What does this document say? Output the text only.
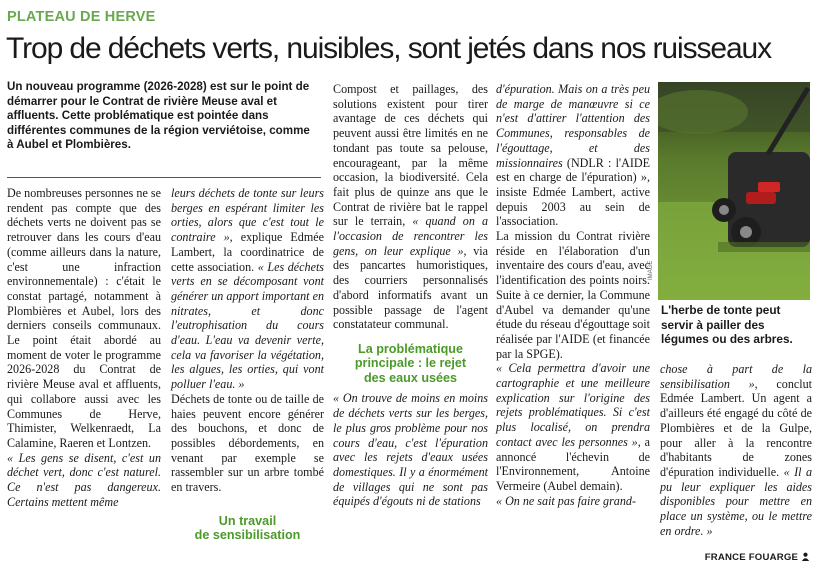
PLATEAU DE HERVE
Trop de déchets verts, nuisibles, sont jetés dans nos ruisseaux
Un nouveau programme (2026-2028) est sur le point de démarrer pour le Contrat de rivière Meuse aval et affluents. Cette problématique est pointée dans différentes communes de la région verviétoise, comme à Aubel et Plombières.

De nombreuses personnes ne se rendent pas compte que des déchets verts ne doivent pas se retrouver dans les cours d'eau (comme ailleurs dans la nature, c'est une infraction environnementale) : c'était le constat partagé, notamment à Plombières et Aubel, lors des derniers conseils communaux. Le point était abordé au moment de voter le programme 2026-2028 du Contrat de rivière Meuse aval et affluents, qui collabore aussi avec les Communes de Herve, Thimister, Welkenraedt, La Calamine, Raeren et Lontzen.

« Les gens se disent, c'est un déchet vert, donc c'est naturel. Ce n'est pas dangereux. Certains mettent même

leurs déchets de tonte sur leurs berges en espérant limiter les orties, alors que c'est tout le contraire », explique Edmée Lambert, la coordinatrice de cette association. « Les déchets verts en se décomposant vont générer un apport important en nitrates, et donc l'eutrophisation du cours d'eau. L'eau va devenir verte, cela va favoriser la végétation, les algues, les orties, qui vont polluer l'eau. »

Déchets de tonte ou de taille de haies peuvent encore générer des bouchons, et donc de possibles débordements, en venant par exemple se rassembler sur un arbre tombé en travers.

Un travail
de sensibilisation

Compost et paillages, des solutions existent pour tirer avantage de ces déchets qui peuvent aussi être limités en ne tondant pas toute sa pelouse, encourageant, par la même occasion, la biodiversité. Cela fait plus de quinze ans que le Contrat de rivière bat le rappel sur le terrain, « quand on a l'occasion de rencontrer les gens, on leur explique », via des pancartes humoristiques, des courriers personnalisés d'abord informatifs avant un possible passage de l'agent constatateur communal.

La problématique
principale : le rejet
des eaux usées

« On trouve de moins en moins de déchets verts sur les berges, le plus gros problème pour nos cours d'eau, c'est l'épuration avec les rejets d'eaux usées domestiques. Il y a énormément de villages qui ne sont pas équipés d'égouts ni de stations

d'épuration. Mais on a très peu de marge de manœuvre si ce n'est d'attirer l'attention des Communes, responsables de l'égouttage, et des missionnaires (NDLR : l'AIDE est en charge de l'épuration) », insiste Edmée Lambert, active depuis 2003 au sein de l'association.

La mission du Contrat rivière réside en l'élaboration d'un inventaire des cours d'eau, avec l'identification des points noirs. Suite à ce dernier, la Commune d'Aubel va demander qu'une étude du réseau d'égouttage soit réalisée par l'AIDE (et financée par la SPGE).

« Cela permettra d'avoir une cartographie et une meilleure explication sur l'origine des rejets problématiques. Si c'est plus localisé, on prendra contact avec les personnes », a annoncé l'échevin de l'Environnement, Antoine Vermeire (Aubel demain).

« On ne sait pas faire grand-

IMAGE
L'herbe de tonte peut servir à pailler des légumes ou des arbres.

chose à part de la sensibilisation », conclut Edmée Lambert. Un agent a d'ailleurs été engagé du côté de Plombières et de la Gulpe, pour aller à la rencontre d'habitants de zones d'épuration individuelle. « Il a pu leur expliquer les aides disponibles pour mettre en place un système, ou le mettre en ordre. »

FRANCE FOUARGE
